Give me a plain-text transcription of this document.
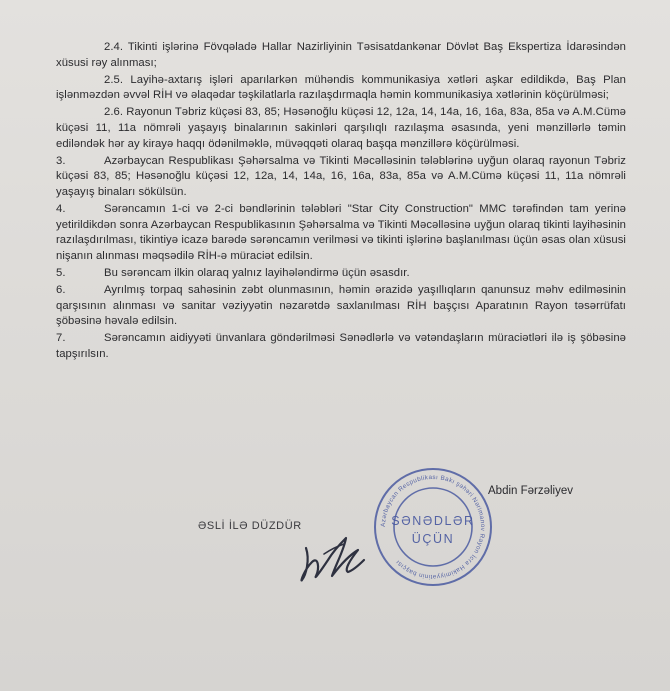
2.4. Tikinti işlərinə Fövqəladə Hallar Nazirliyinin Təsisatdankənar Dövlət Baş Ekspertiza İdarəsindən xüsusi rəy alınması;

2.5. Layihə-axtarış işləri aparılarkən mühəndis kommunikasiya xətləri aşkar edildikdə, Baş Plan işlənməzdən əvvəl RİH və əlaqədar təşkilatlarla razılaşdırmaqla həmin kommunikasiya xətlərinin köçürülməsi;

2.6. Rayonun Təbriz küçəsi 83, 85; Həsənoğlu küçəsi 12, 12a, 14, 14a, 16, 16a, 83a, 85a və A.M.Cümə küçəsi 11, 11a nömrəli yaşayış binalarının sakinləri qarşılıqlı razılaşma əsasında, yeni mənzillərlə təmin ediləndək hər ay kirayə haqqı ödənilməklə, müvəqqəti olaraq başqa mənzillərə köçürülməsi.

3.	Azərbaycan Respublikası Şəhərsalma və Tikinti Məcəlləsinin tələblərinə uyğun olaraq rayonun Təbriz küçəsi 83, 85; Həsənoğlu küçəsi 12, 12a, 14, 14a, 16, 16a, 83a, 85a və A.M.Cümə küçəsi 11, 11a nömrəli yaşayış binaları sökülsün.

4.	Sərəncamın 1-ci və 2-ci bəndlərinin tələbləri "Star City Construction" MMC tərəfindən tam yerinə yetirildikdən sonra Azərbaycan Respublikasının Şəhərsalma və Tikinti Məcəlləsinə uyğun olaraq tikinti layihəsinin razılaşdırılması, tikintiyə icazə barədə sərəncamın verilməsi və tikinti işlərinə başlanılması üçün əsas olan xüsusi nişanın alınması məqsədilə RİH-ə müraciət edilsin.

5.	Bu sərəncam ilkin olaraq yalnız layihələndirmə üçün əsasdır.

6.	Ayrılmış torpaq sahəsinin zəbt olunmasının, həmin ərazidə yaşıllıqların qanunsuz məhv edilməsinin qarşısının alınması və sanitar vəziyyətin nəzarətdə saxlanılması RİH başçısı Aparatının Rayon təsərrüfatı şöbəsinə həvalə edilsin.

7.	Sərəncamın aidiyyəti ünvanlara göndərilməsi Sənədlərlə və vətəndaşların müraciətləri ilə iş şöbəsinə tapşırılsın.

ƏSLİ İLƏ DÜZDÜR	Azərbaycan Respublikası Bakı şəhəri Nərimanov Rayon İcra Hakimiyyətinin başçısı
SƏNƏDLƏR
ÜÇÜN
Abdin Fərzəliyev
